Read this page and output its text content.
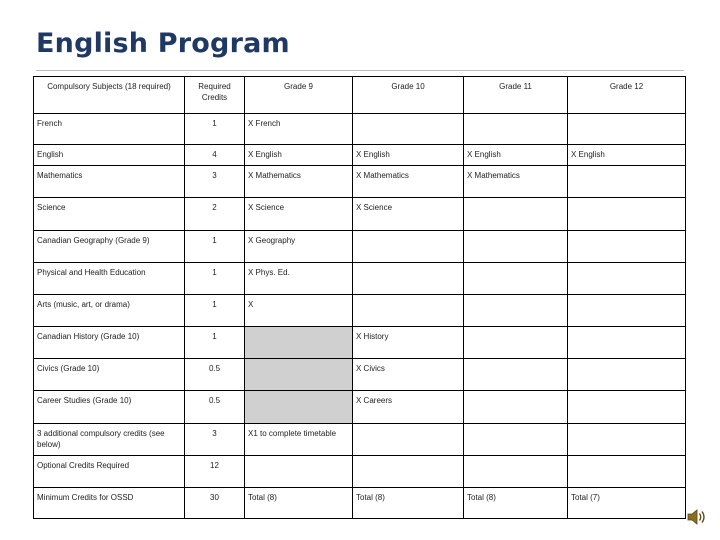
English Program
Compulsory Subjects (18 required)	Required Credits	Grade 9	Grade 10	Grade 11	Grade 12
French	1	X French			
English	4	X English	X English	X English	X English
Mathematics	3	X Mathematics	X Mathematics	X Mathematics	
Science	2	X Science	X Science		
Canadian Geography (Grade 9)	1	X Geography			
Physical and Health Education	1	X Phys. Ed.			
Arts (music, art, or drama)	1	X			
Canadian History (Grade 10)	1		X History		
Civics (Grade 10)	0.5		X Civics		
Career Studies (Grade 10)	0.5		X Careers		
3 additional compulsory credits (see below)	3	X1 to complete timetable			
Optional Credits Required	12				
Minimum Credits for OSSD	30	Total (8)	Total (8)	Total (8)	Total (7)
